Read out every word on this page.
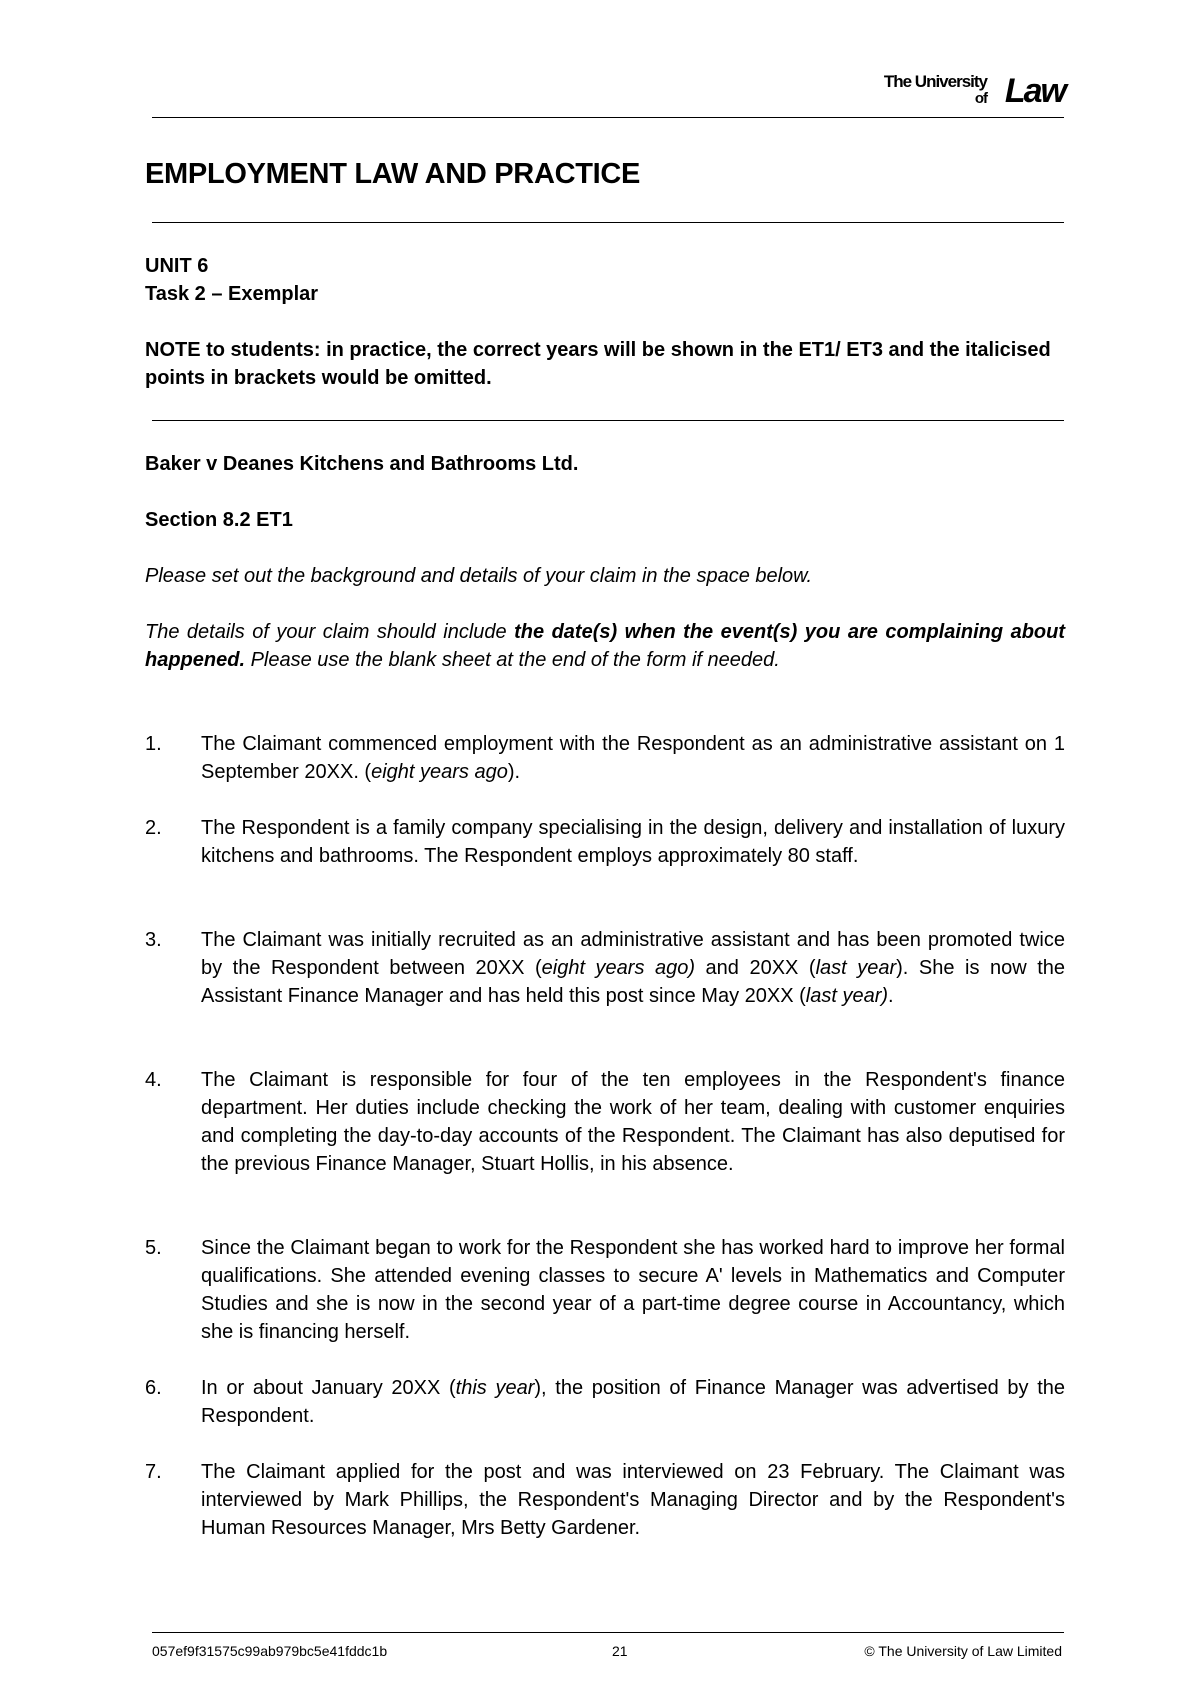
The University
of Law
EMPLOYMENT LAW AND PRACTICE
UNIT 6
Task 2 – Exemplar
NOTE to students: in practice, the correct years will be shown in the ET1/ ET3 and the italicised points in brackets would be omitted.
Baker v Deanes Kitchens and Bathrooms Ltd.
Section 8.2 ET1
Please set out the background and details of your claim in the space below.
The details of your claim should include the date(s) when the event(s) you are complaining about happened. Please use the blank sheet at the end of the form if needed.
1. The Claimant commenced employment with the Respondent as an administrative assistant on 1 September 20XX. (eight years ago).
2. The Respondent is a family company specialising in the design, delivery and installation of luxury kitchens and bathrooms. The Respondent employs approximately 80 staff.
3. The Claimant was initially recruited as an administrative assistant and has been promoted twice by the Respondent between 20XX (eight years ago) and 20XX (last year). She is now the Assistant Finance Manager and has held this post since May 20XX (last year).
4. The Claimant is responsible for four of the ten employees in the Respondent's finance department. Her duties include checking the work of her team, dealing with customer enquiries and completing the day-to-day accounts of the Respondent. The Claimant has also deputised for the previous Finance Manager, Stuart Hollis, in his absence.
5. Since the Claimant began to work for the Respondent she has worked hard to improve her formal qualifications. She attended evening classes to secure A' levels in Mathematics and Computer Studies and she is now in the second year of a part-time degree course in Accountancy, which she is financing herself.
6. In or about January 20XX (this year), the position of Finance Manager was advertised by the Respondent.
7. The Claimant applied for the post and was interviewed on 23 February. The Claimant was interviewed by Mark Phillips, the Respondent's Managing Director and by the Respondent's Human Resources Manager, Mrs Betty Gardener.
057ef9f31575c99ab979bc5e41fddc1b	21	© The University of Law Limited
